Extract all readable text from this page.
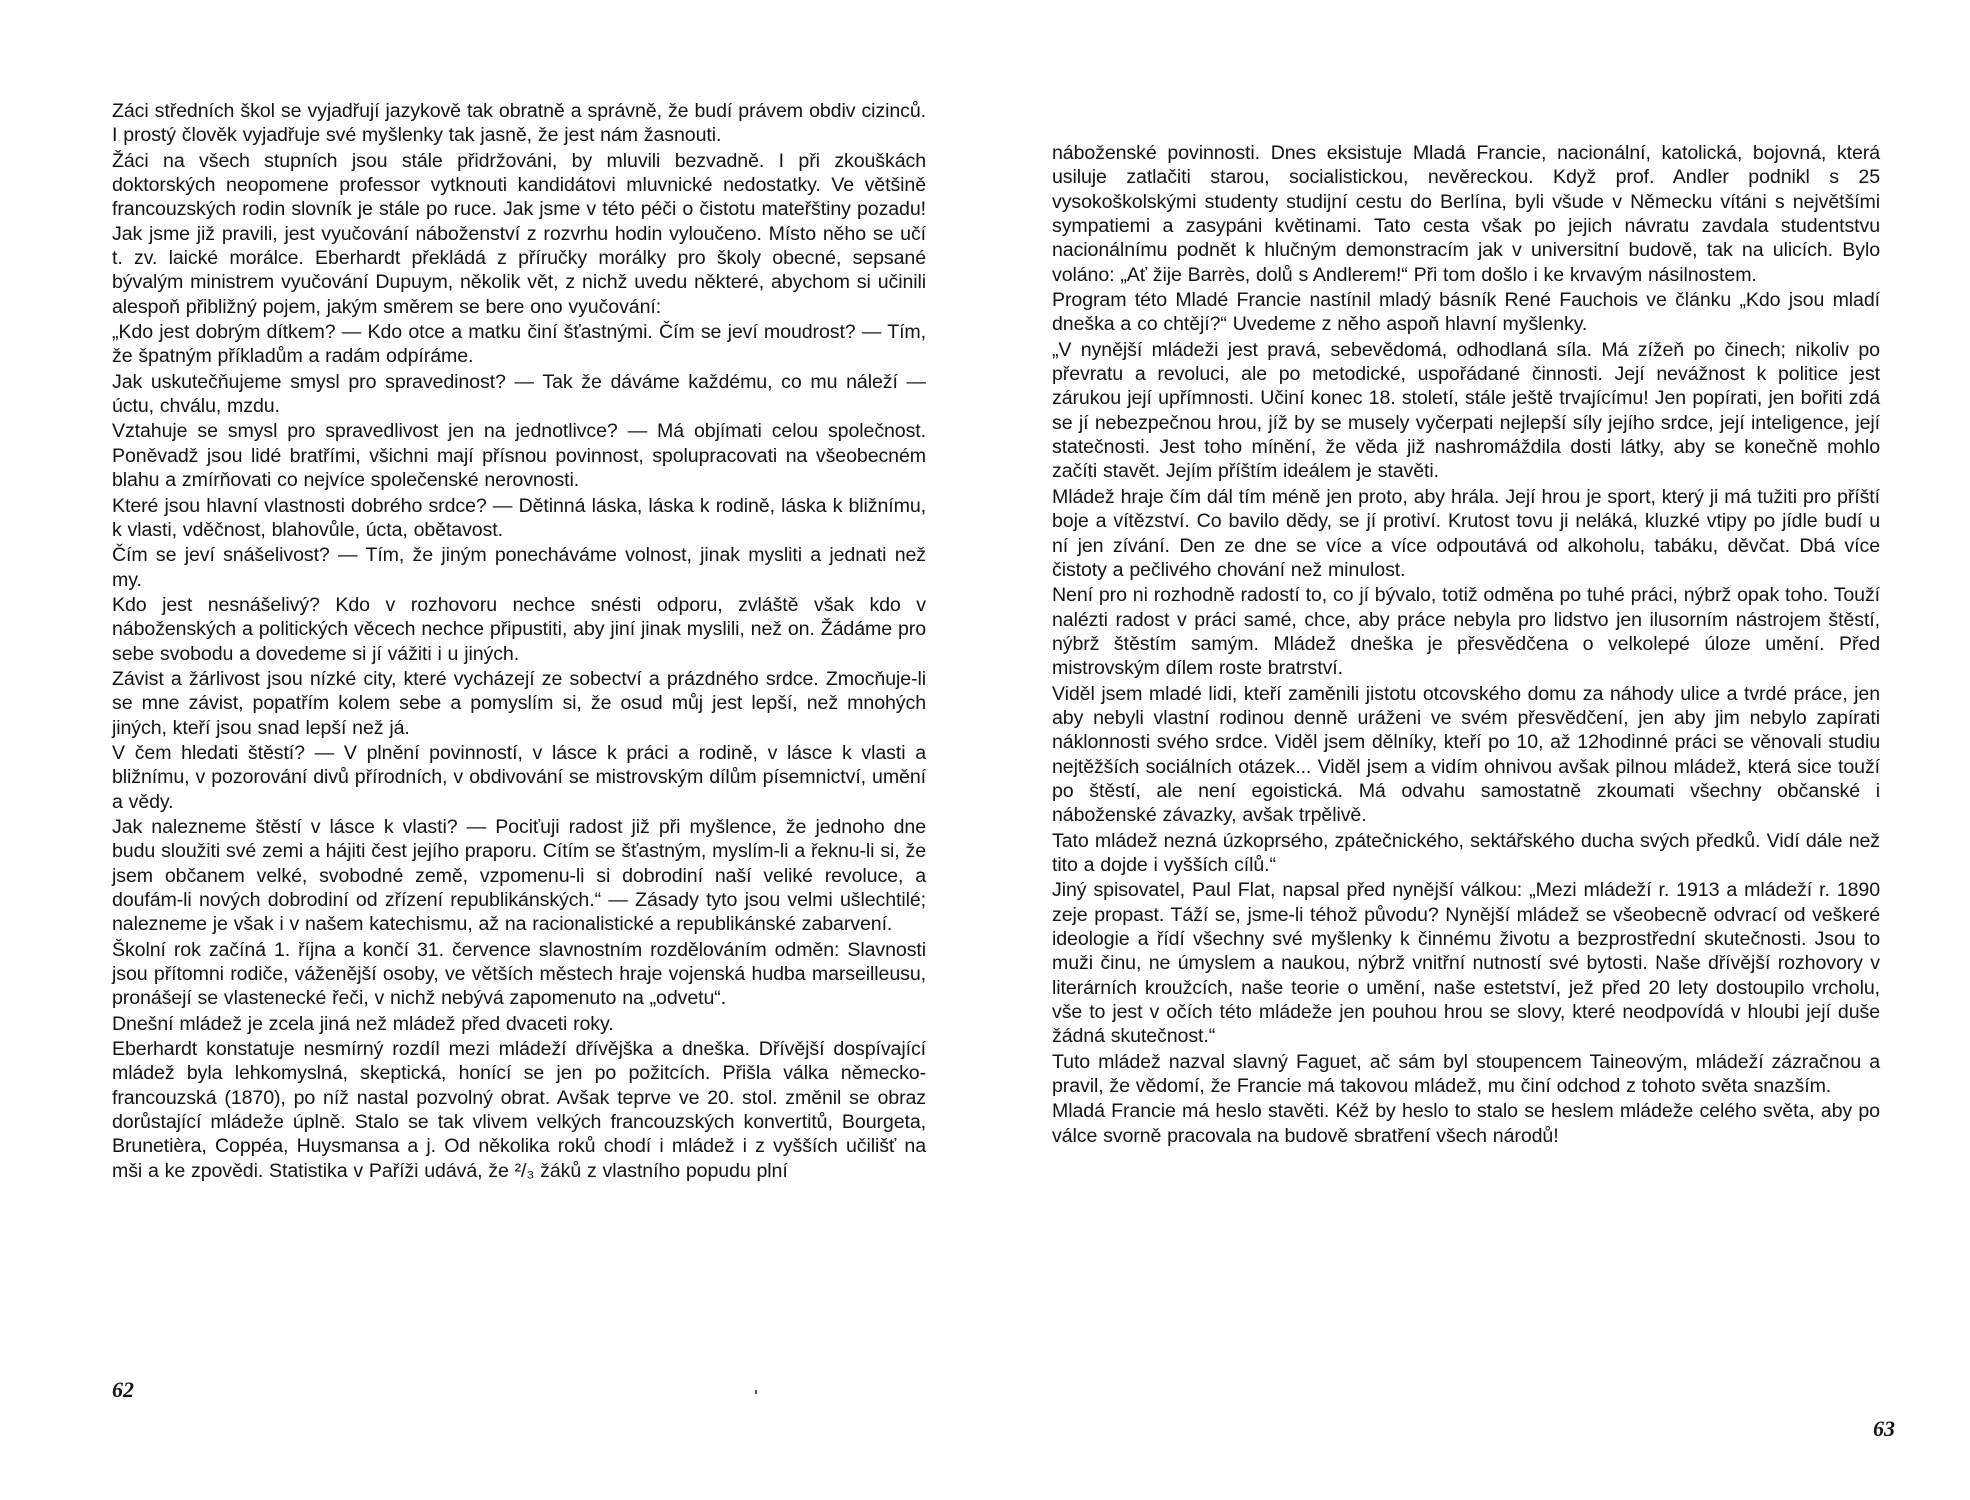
Záci středních škol se vyjadřují jazykově tak obratně a správně, že budí právem obdiv cizinců. I prostý člověk vyjadřuje své myšlenky tak jasně, že jest nám žasnouti.

Žáci na všech stupních jsou stále přidržováni, by mluvili bezvadně. I při zkouškách doktorských neopomene professor vytknouti kandidátovi mluvnické nedostatky. Ve většině francouzských rodin slovník je stále po ruce. Jak jsme v této péči o čistotu mateřštiny pozadu! Jak jsme již pravili, jest vyučování náboženství z rozvrhu hodin vyloučeno. Místo něho se učí t. zv. laické morálce. Eberhardt překládá z příručky morálky pro školy obecné, sepsané bývalým ministrem vyučování Dupuym, několik vět, z nichž uvedu některé, abychom si učinili alespoň přibližný pojem, jakým směrem se bere ono vyučování:

„Kdo jest dobrým dítkem? — Kdo otce a matku činí šťastnými. Čím se jeví moudrost? — Tím, že špatným příkladům a radám odpíráme.

Jak uskutečňujeme smysl pro spravedinost? — Tak že dáváme každému, co mu náleží — úctu, chválu, mzdu.

Vztahuje se smysl pro spravedlivost jen na jednotlivce? — Má objímati celou společnost. Poněvadž jsou lidé bratřími, všichni mají přísnou povinnost, spolupracovati na všeobecném blahu a zmírňovati co nejvíce společenské nerovnosti.

Které jsou hlavní vlastnosti dobrého srdce? — Dětinná láska, láska k rodině, láska k bližnímu, k vlasti, vděčnost, blahovůle, úcta, obětavost.

Čím se jeví snášelivost? — Tím, že jiným ponecháváme volnost, jinak mysliti a jednati než my.

Kdo jest nesnášelivý? Kdo v rozhovoru nechce snésti odporu, zvláště však kdo v náboženských a politických věcech nechce připustiti, aby jiní jinak myslili, než on. Žádáme pro sebe svobodu a dovedeme si jí vážiti i u jiných.

Závist a žárlivost jsou nízké city, které vycházejí ze sobectví a prázdného srdce. Zmocňuje-li se mne závist, popatřím kolem sebe a pomyslím si, že osud můj jest lepší, než mnohých jiných, kteří jsou snad lepší než já.

V čem hledati štěstí? — V plnění povinností, v lásce k práci a rodině, v lásce k vlasti a bližnímu, v pozorování divů přírodních, v obdivování se mistrovským dílům písemnictví, umění a vědy.

Jak nalezneme štěstí v lásce k vlasti? — Pociťuji radost již při myšlence, že jednoho dne budu sloužiti své zemi a hájiti čest jejího praporu. Cítím se šťastným, myslím-li a řeknu-li si, že jsem občanem velké, svobodné země, vzpomenu-li si dobrodiní naší veliké revoluce, a doufám-li nových dobrodiní od zřízení republikánských.“ — Zásady tyto jsou velmi ušlechtilé; nalezneme je však i v našem katechismu, až na racionalistické a republikánské zabarvení.

Školní rok začíná 1. října a končí 31. července slavnostním rozdělováním odměn: Slavnosti jsou přítomni rodiče, váženější osoby, ve větších městech hraje vojenská hudba marseilleusu, pronášejí se vlastenecké řeči, v nichž nebývá zapomenuto na „odvetu“.

Dnešní mládež je zcela jiná než mládež před dvaceti roky.

Eberhardt konstatuje nesmírný rozdíl mezi mládeží dřívějška a dneška. Dřívější dospívající mládež byla lehkomyslná, skeptická, honící se jen po požitcích. Přišla válka německo-francouzská (1870), po níž nastal pozvolný obrat. Avšak teprve ve 20. stol. změnil se obraz dorůstající mládeže úplně. Stalo se tak vlivem velkých francouzských konvertitů, Bourgeta, Brunetièra, Coppéa, Huysmansa a j. Od několika roků chodí i mládež i z vyšších učilišť na mši a ke zpovědi. Statistika v Paříži udává, že ²/₃ žáků z vlastního popudu plní

62

náboženské povinnosti. Dnes eksistuje Mladá Francie, nacionální, katolická, bojovná, která usiluje zatlačiti starou, socialistickou, nevěreckou. Když prof. Andler podnikl s 25 vysokoškolskými studenty studijní cestu do Berlína, byli všude v Německu vítáni s největšími sympatiemi a zasypáni květinami. Tato cesta však po jejich návratu zavdala studentstvu nacionálnímu podnět k hlučným demonstracím jak v universitní budově, tak na ulicích. Bylo voláno: „Ať žije Barrès, dolů s Andlerem!“ Při tom došlo i ke krvavým násilnostem.

Program této Mladé Francie nastínil mladý básník René Fauchois ve článku „Kdo jsou mladí dneška a co chtějí?“ Uvedeme z něho aspoň hlavní myšlenky.

„V nynější mládeži jest pravá, sebevědomá, odhodlaná síla. Má zížeň po činech; nikoliv po převratu a revoluci, ale po metodické, uspořádané činnosti. Její nevážnost k politice jest zárukou její upřímnosti. Učiní konec 18. století, stále ještě trvajícímu! Jen popírati, jen bořiti zdá se jí nebezpečnou hrou, jíž by se musely vyčerpati nejlepší síly jejího srdce, její inteligence, její statečnosti. Jest toho mínění, že věda již nashromáždila dosti látky, aby se konečně mohlo začíti stavět. Jejím příštím ideálem je stavěti.

Mládež hraje čím dál tím méně jen proto, aby hrála. Její hrou je sport, který ji má tužiti pro příští boje a vítězství. Co bavilo dědy, se jí protiví. Krutost tovu ji neláká, kluzké vtipy po jídle budí u ní jen zívání. Den ze dne se více a více odpoutává od alkoholu, tabáku, děvčat. Dbá více čistoty a pečlivého chování než minulost.

Není pro ni rozhodně radostí to, co jí bývalo, totiž odměna po tuhé práci, nýbrž opak toho. Touží nalézti radost v práci samé, chce, aby práce nebyla pro lidstvo jen ilusorním nástrojem štěstí, nýbrž štěstím samým. Mládež dneška je přesvědčena o velkolepé úloze umění. Před mistrovským dílem roste bratrství.

Viděl jsem mladé lidi, kteří zaměnili jistotu otcovského domu za náhody ulice a tvrdé práce, jen aby nebyli vlastní rodinou denně uráženi ve svém přesvědčení, jen aby jim nebylo zapírati náklonnosti svého srdce. Viděl jsem dělníky, kteří po 10, až 12hodinné práci se věnovali studiu nejtěžších sociálních otázek... Viděl jsem a vidím ohnivou avšak pilnou mládež, která sice touží po štěstí, ale není egoistická. Má odvahu samostatně zkoumati všechny občanské i náboženské závazky, avšak trpělivě.

Tato mládež nezná úzkoprsého, zpátečnického, sektářského ducha svých předků. Vidí dále než tito a dojde i vyšších cílů.“

Jiný spisovatel, Paul Flat, napsal před nynější válkou: „Mezi mládeží r. 1913 a mládeží r. 1890 zeje propast. Táží se, jsme-li téhož původu? Nynější mládež se všeobecně odvrací od veškeré ideologie a řídí všechny své myšlenky k činnému životu a bezprostřední skutečnosti. Jsou to muži činu, ne úmyslem a naukou, nýbrž vnitřní nutností své bytosti. Naše dřívější rozhovory v literárních kroužcích, naše teorie o umění, naše estetství, jež před 20 lety dostoupilo vrcholu, vše to jest v očích této mládeže jen pouhou hrou se slovy, které neodpovídá v hloubi její duše žádná skutečnost.“

Tuto mládež nazval slavný Faguet, ač sám byl stoupencem Taineovým, mládeží zázračnou a pravil, že vědomí, že Francie má takovou mládež, mu činí odchod z tohoto světa snazším.

Mladá Francie má heslo stavěti. Kéž by heslo to stalo se heslem mládeže celého světa, aby po válce svorně pracovala na budově sbratření všech národů!

63
